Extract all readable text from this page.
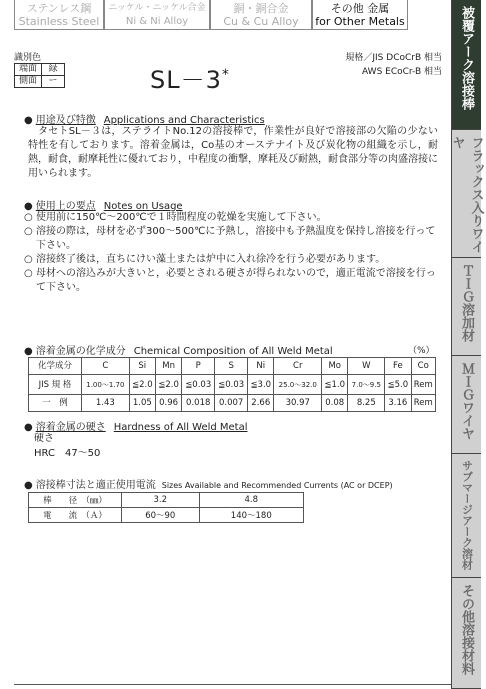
ステンレス鋼
Stainless Steel
ニッケル・ニッケル合金
Ni & Ni Alloy
銅・銅合金
Cu & Cu Alloy
その他 金属
for Other Metals	被覆アーク溶接棒
フラックス入りワイヤ
ＴＩＧ溶加材
ＭＩＧワイヤ
サブマージアーク溶材
その他溶接材料
識別色
端面	緑
側面	ー	SL－3*
規格／JIS DCoCrB 相当
AWS ECoCr-B 相当
● 用途及び特徴 Applications and Characteristics
タセトSL－３は，ステライトNo.12の溶接棒で，作業性が良好で溶接部の欠陥の少ない特性を有しております。溶着金属は，Co基のオーステナイト及び炭化物の組織を示し，耐熱，耐食，耐摩耗性に優れており，中程度の衝撃，摩耗及び耐熱，耐食部分等の肉盛溶接に用いられます。
● 使用上の要点 Notes on Usage
○ 使用前に150℃～200℃で１時間程度の乾燥を実施して下さい。
○ 溶接の際は，母材を必ず300～500℃に予熱し，溶接中も予熱温度を保持し溶接を行って下さい。
○ 溶接終了後は，直ちにけい藻土または炉中に入れ徐冷を行う必要があります。
○ 母材への溶込みが大きいと，必要とされる硬さが得られないので，適正電流で溶接を行って下さい。
● 溶着金属の化学成分 Chemical Composition of All Weld Metal	（%）
化学成分	C	Si	Mn	P	S	Ni	Cr	Mo	W	Fe	Co
JIS 規 格	1.00～1.70	≦2.0	≦2.0	≦0.03	≦0.03	≦3.0	25.0～32.0	≦1.0	7.0～9.5	≦5.0	Rem
一　例	1.43	1.05	0.96	0.018	0.007	2.66	30.97	0.08	8.25	3.16	Rem
● 溶着金属の硬さ Hardness of All Weld Metal
硬さ
HRC　47～50
● 溶接棒寸法と適正使用電流 Sizes Available and Recommended Currents (AC or DCEP)
棒　　径　（㎜）	3.2	4.8
電　　流　（Ａ）	60～90	140～180
